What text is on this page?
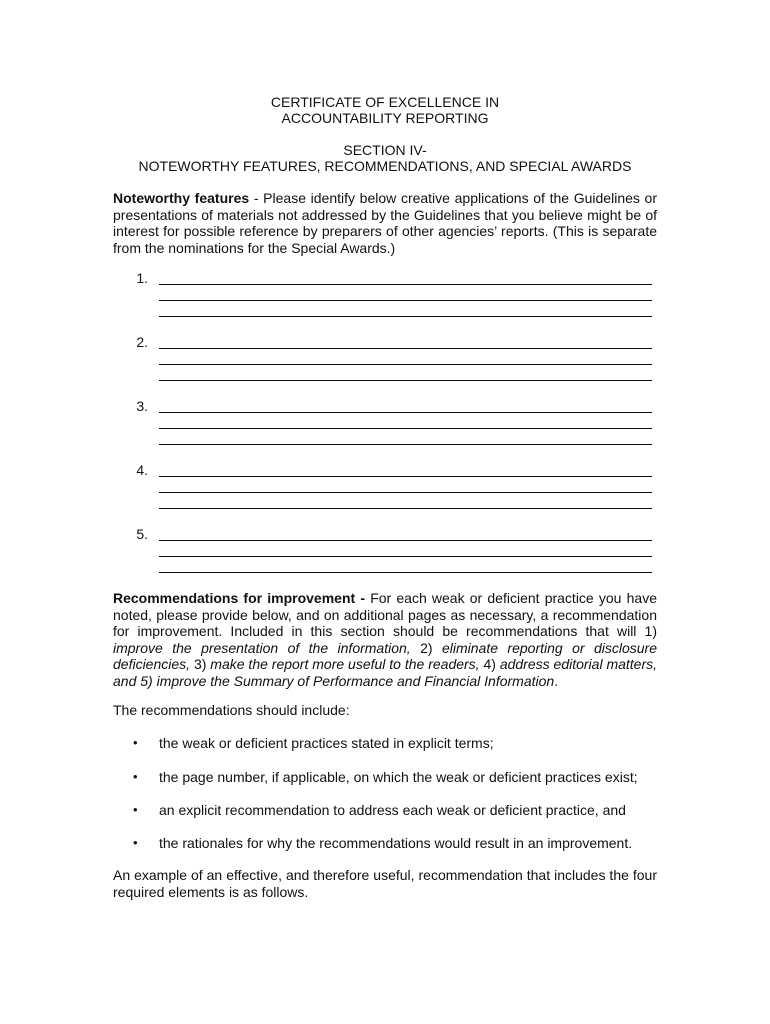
CERTIFICATE OF EXCELLENCE IN
ACCOUNTABILITY REPORTING
SECTION IV-
NOTEWORTHY FEATURES, RECOMMENDATIONS, AND SPECIAL AWARDS

Noteworthy features - Please identify below creative applications of the Guidelines or presentations of materials not addressed by the Guidelines that you believe might be of interest for possible reference by preparers of other agencies’ reports. (This is separate from the nominations for the Special Awards.)

1.
2.
3.
4.
5.

Recommendations for improvement - For each weak or deficient practice you have noted, please provide below, and on additional pages as necessary, a recommendation for improvement. Included in this section should be recommendations that will 1) improve the presentation of the information, 2) eliminate reporting or disclosure deficiencies, 3) make the report more useful to the readers, 4) address editorial matters, and 5) improve the Summary of Performance and Financial Information.

The recommendations should include:

•	the weak or deficient practices stated in explicit terms;
•	the page number, if applicable, on which the weak or deficient practices exist;
•	an explicit recommendation to address each weak or deficient practice, and
•	the rationales for why the recommendations would result in an improvement.

An example of an effective, and therefore useful, recommendation that includes the four required elements is as follows.
